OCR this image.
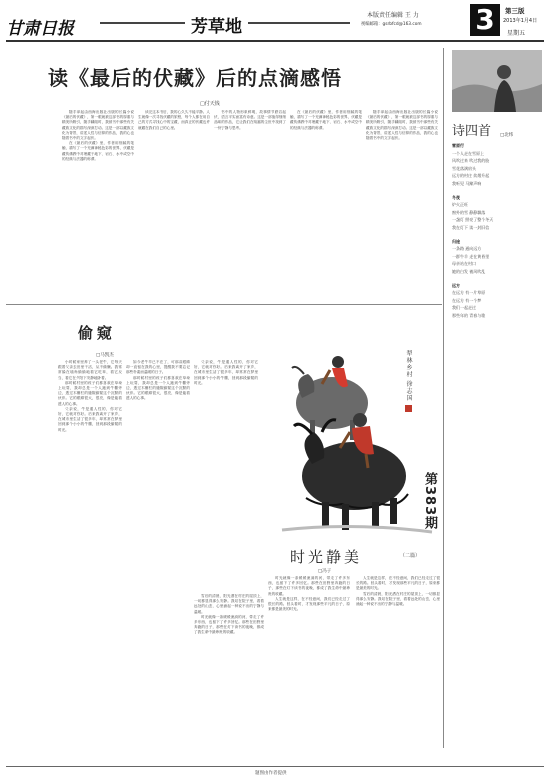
甘肃日报	芳草地
本版责任编辑 王 力
视编邮箱：gsrbfcd@163.com 3	第三版
2013年1月4日
星期五
读《最后的伏藏》后的点滴感悟
□付天钱

随手拿起由西海出版社出版的长篇小说《最后的伏藏》，第一眼就被这部书的厚重与精美所吸引，随手翻阅时，我被书中那些有关藏族文化的描写深深打动。这是一部以藏族文化为背景，讲述人性与信仰的作品，我的心也随着书中的文字起伏。

在《最后的伏藏》里，作者用细腻的笔触，描写了一个充满神秘色彩的世界，伏藏是藏传佛教中对埋藏于地下、岩石、水中或空中的经典与法器的称谓。

读完这本书后，我的心久久不能平静。人生就像一次寻找伏藏的旅程，每个人都在用自己的方式寻找心中的宝藏，而真正的伏藏也许就藏在我们自己的心里。

书中的人物形象鲜明，故事情节跌宕起伏，语言平实而富有诗意。这是一部值得细细品味的作品，它让我们在喧嚣的尘世中找到了一份宁静与思考。

在《最后的伏藏》里，作者用细腻的笔触，描写了一个充满神秘色彩的世界，伏藏是藏传佛教中对埋藏于地下、岩石、水中或空中的经典与法器的称谓。

随手拿起由西海出版社出版的长篇小说《最后的伏藏》，第一眼就被这部书的厚重与精美所吸引，随手翻阅时，我被书中那些有关藏族文化的描写深深打动。这是一部以藏族文化为背景，讲述人性与信仰的作品，我的心也随着书中的文字起伏。	诗四首 □北纬
雪原行
一个人走在雪原上
风吹过来 吹过我的脸
雪花落满肩头
远方的村庄 炊烟升起
我听见 马蹄声响
冬夜
炉火正旺
窗外的雪 静静飘落
一盏灯 照亮了整个冬天
我在灯下 读一封旧信
归途
一条路 通向远方
一群牛羊 走在黄昏里
母亲站在村口
她的白发 被风吹乱
远方
在远方 有一片草原
在远方 有一个梦
我们一起走过
那些年的 青春与歌
偷窥
□马凯杰

小时候家里养了一头老牛，它每天跟着父亲去田里干活，从不偷懒。我常常躲在墙角偷偷地看它吃草，看它反刍，看它在夕阳下安静地卧着。

那时候村里的孩子们都喜欢在草垛上玩耍，我却总是一个人跑到牛棚旁边，透过木栅栏的缝隙偷窥这个沉默的伙伴。它的眼睛很大，很亮，像是能看透人的心事。

父亲说，牛是通人性的，你对它好，它就对你好。后来我离开了家乡，在城市里生活了很多年，却常常在梦里回到那个小小的牛棚，回到那段偷窥的时光。

如今老牛早已不在了，可那双眼睛却一直留在我的心里，提醒我不要忘记那些朴素而温暖的日子。

那时候村里的孩子们都喜欢在草垛上玩耍，我却总是一个人跑到牛棚旁边，透过木栅栏的缝隙偷窥这个沉默的伙伴。它的眼睛很大，很亮，像是能看透人的心事。

父亲说，牛是通人性的，你对它好，它就对你好。后来我离开了家乡，在城市里生活了很多年，却常常在梦里回到那个小小的牛棚，回到那段偷窥的时光。	犁林乡村 徐志国
第383期
时光静美	（二篇）
□冯子

雪后的清晨，阳光洒在村庄的屋顶上，一切都显得那么安静。我站在院子里，看着远处的山峦，心里涌起一种说不出的宁静与温暖。

时光就像一条缓缓流淌的河，带走了许多东西，也留下了许多回忆。那些在田野里奔跑的日子，那些在灯下读书的夜晚，都成了我生命中最珍贵的收藏。

时光就像一条缓缓流淌的河，带走了许多东西，也留下了许多回忆。那些在田野里奔跑的日子，那些在灯下读书的夜晚，都成了我生命中最珍贵的收藏。

人生就是这样，在不经意间，我们已经走过了很长的路。回头看时，才发现那些平凡的日子，原来都是最美的时光。

人生就是这样，在不经意间，我们已经走过了很长的路。回头看时，才发现那些平凡的日子，原来都是最美的时光。

雪后的清晨，阳光洒在村庄的屋顶上，一切都显得那么安静。我站在院子里，看着远处的山峦，心里涌起一种说不出的宁静与温暖。

题图由作者提供
